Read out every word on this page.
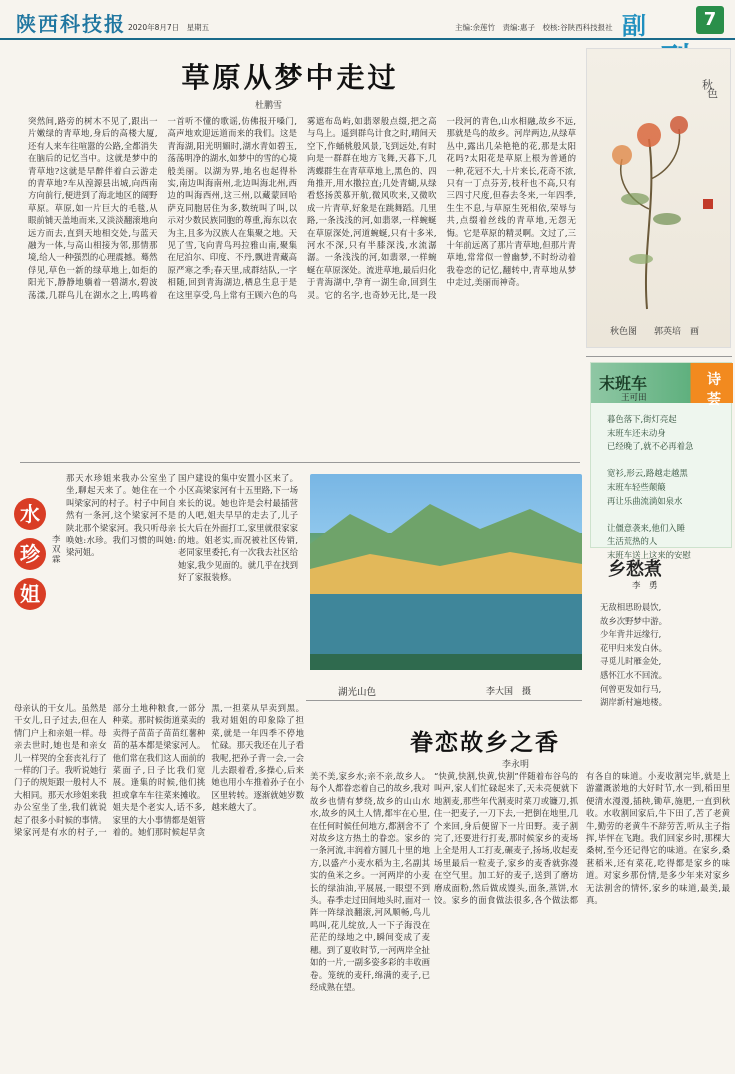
陕西科技报 2020年8月7日　星期五	主编:余莲竹　责编:惠子　校核:谷陕西科技报社 副	7
草原从梦中走过
杜鹏雪
突然间,路旁的树木不见了,跟出一片嫩绿的青草地,身后的高楼大厦,还有人来车往喧嚣的公路,全都消失在脑后的记忆当中。这就是梦中的青草地?这就是早醉伴着白云游走的青草地?车从湟源县出城,向西南方向前行,便进到了海北地区的阔野草原。草原,如一片巨大的毛毯,从眼前铺天盖地而来,又淡淡翻滚地向远方而去,直到天地相交处,与蓝天融为一体,与高山相接为邻,那情那境,给人一种强烈的心理震撼。蓦然俘见,草色一新的绿草地上,如炬的阳光下,静静地躺着一碧湖水,碧波荡漾,几群鸟儿在湖水之上,鸣鸣着一首听不懂的歌谣,仿佛报开嗓门,高声地欢迎远道而来的我们。这是青海湖,阳光明媚时,湖水青如碧玉,荡荡明净的湖水,如梦中的雪的心境般美丽。以湖为界,地名也起得朴实,南边叫海南州,北边叫海北州,西边的叫海西州,这三州,以藏蒙回哈萨克同胞居住为多,数统叫了叫,以示对少数民族同胞的尊重,海东以农为主,且多为汉族人在集聚之地。天见了雪,飞向青鸟玛拉雅山南,聚集在尼泊尔、印度、不丹,飘进青藏高原严寒之季;春天里,成群结队,一字相随,回到青海湖边,栖息生息于是在这里享受,鸟上常有王顾六色的鸟雾遮布岛屿,如翡翠般点缀,把之高与鸟上。遥到群鸟计食之时,晴间天空下,作蛹桃般风景,飞到远处,有时向是一群群在地方飞舞,天暮下,几湾蝶群生在青草草地上,黑色的、四角推开,用水撒拉直;几处青蝴,从绿看悠扬羡慕开航,微风吹来,又微吹成一片青草,好象是在跳舞蹈。几里路,一条浅浅的河,如翡翠,一样蜿蜒在草原深处,河道蜿蜒,只有十多米,河水不深,只有半膝深浅,水流潺潺。一条浅浅的河,如翡翠,一样蜿蜒在草原深处。流进草地,最后归化于青海湖中,孕育一湖生命,回到生灵。它的名字,也奇妙无比,是一段一段河的青色,山水相融,故乡不远,那就是鸟的故乡。河岸两边,从绿草丛中,露出几朵艳艳的花,那是太阳花吗?太阳花是草原上根为普通的一种,花冠不大,十片来长,花奇不浓,只有一丁点芬芳,枝秆也不高,只有三四寸尺度,但春去冬来,一年四季,生生不息,与草原生死相依,荣辱与共,点缀着丝线的青草地,无怨无悔。它是草原的精灵啊。文过了,三十年前远离了那片青草地,但那片青草地,常常似一曾幽梦,不时纷动着我卷恋的记忆,翻转中,青草地从梦中走过,美丽而神奇。
秋
色
秋色图 郭英培　画
末班车	诗荟
王可田
暮色落下,街灯亮起
末班车还未动身
已经晚了,就不必再着急

宽衫,形云,路越走越黑
末班车轻些颠簸
再让乐曲流淌如泉水

让僵意袭来,他们入睡
生活荒热的人
末班车送上这来的安慰
乡愁煮
李　勇
无敌相思盼晨饮,
故乡次野梦中游。
少年背井远缘行,
花甲归来发白休。
寻觅儿时雁金处,
感怀江水不回流。
何曾更发如行马,
湖岸新村遍地楼。
水
珍
姐
李双霖
那天水珍姐来我办公室坐了坐,聊起天来了。她住在一个叫梁家河的村子。村子中间自然有一条河,这个梁家河不是陕北那个梁家河。我只听母亲唤她:水珍。我们习惯的叫她:梁河姐。
国户建设的集中安置小区来了。小区高梁家河有十五里路,下一场来长的说。她也许是会村最插营的人吧,姐夫早早的走去了,儿子长大后在外面打工,家里就很家家的地。姐老实,而况被社区传销,老同家里委托,有一次我去社区给她家,我少见面的。就几乎在找到好了家报装修。
母亲认的干女儿。虽然是干女儿,日子过去,但在人情门户上和亲姐一样。母亲去世时,她也是和亲女儿一样哭的全套丧礼行了一样的门子。我听说她行门子的规矩跟一般村人不大相同。那天水珍姐来我办公室坐了坐,我们就说起了很多小时候的事情。梁家河是有水的村子,一部分土地种粮食,一部分种菜。那时候街道菜卖的卖得子苗苗子苗苗红薯种苗的基本都是梁家河人。他们常在我们这人面前的菜面子,日子比我们宽展。逢集的时候,他们挑担或拿车车往菜来摊收。姐夫是个老实人,话不多,家里的大小事情都是姐管着的。她们那时候起早贪黑,一担菜从早卖到黑。我对姐姐的印象除了担菜,就是一年四季不停地忙碌。那天我还在儿子看我呢,把孙子背一会,一会儿去跟着看,多操心,后来她也用小车推着孙子在小区里转转。逐渐就她岁数越来越大了。
湖光山色	李大国　摄
眷恋故乡之香
李永明
美不美,家乡水;亲不亲,故乡人。每个人都眷恋着自己的故乡,我对故乡也情有梦绕,故乡的山山水水,故乡的风土人情,都牢在心里,在任何时候任何地方,都割舍不了对故乡这方热土的眷恋。家乡的一条河流,丰润着方圆几十里的地方,以盛产小麦水稻为主,名副其实的鱼米之乡。一河两岸的小麦长的绿油油,平展展,一眼望不到头。春季走过田间地头时,面对一阵一阵绿浪翻滚,河风顺畅,鸟儿鸣叫,花儿绽放,人一下子海没在茫茫的绿地之中,瞬间变成了麦穗。到了夏收时节,一河两岸全扯如的一片,一副多姿多彩的丰收画卷。笼统的麦秆,绵满的麦子,已经成熟在望。
“快黄,快割,快黄,快割”伴随着布谷鸟的叫声,家人们忙碌起来了,天未亮便就下地割麦,那些年代割麦时菜刀或镰刀,抓住一把麦子,一刀下去,一把倒在地里,几个来回,身后便留下一片田野。麦子割完了,还要进行打麦,那时候家乡的麦场上全是用人工打麦,碾麦子,扬场,收起麦场里最后一粒麦子,家乡的麦香就弥漫在空气里。加工好的麦子,送到了磨坊磨成面粉,然后做成馒头,面条,蒸饼,水饺。家乡的面食做法很多,各个做法都有各自的味道。小麦收割完毕,就是上游灌溉淤地的大好时节,水一到,稻田里便清水漫漫,插秧,锄草,施肥,一直到秋收。水收割回家后,牛下田了,苦了老黄牛,勤劳的老黄牛不辞劳苦,听从主子指挥,毕怦在飞跑。我们回家乡时,那棵大桑树,至今还记得它的味道。在家乡,桑葚稻米,还有菜花,吃得都是家乡的味道。对家乡那份情,是多少年来对家乡无法割舍的情怀,家乡的味道,最美,最真。
